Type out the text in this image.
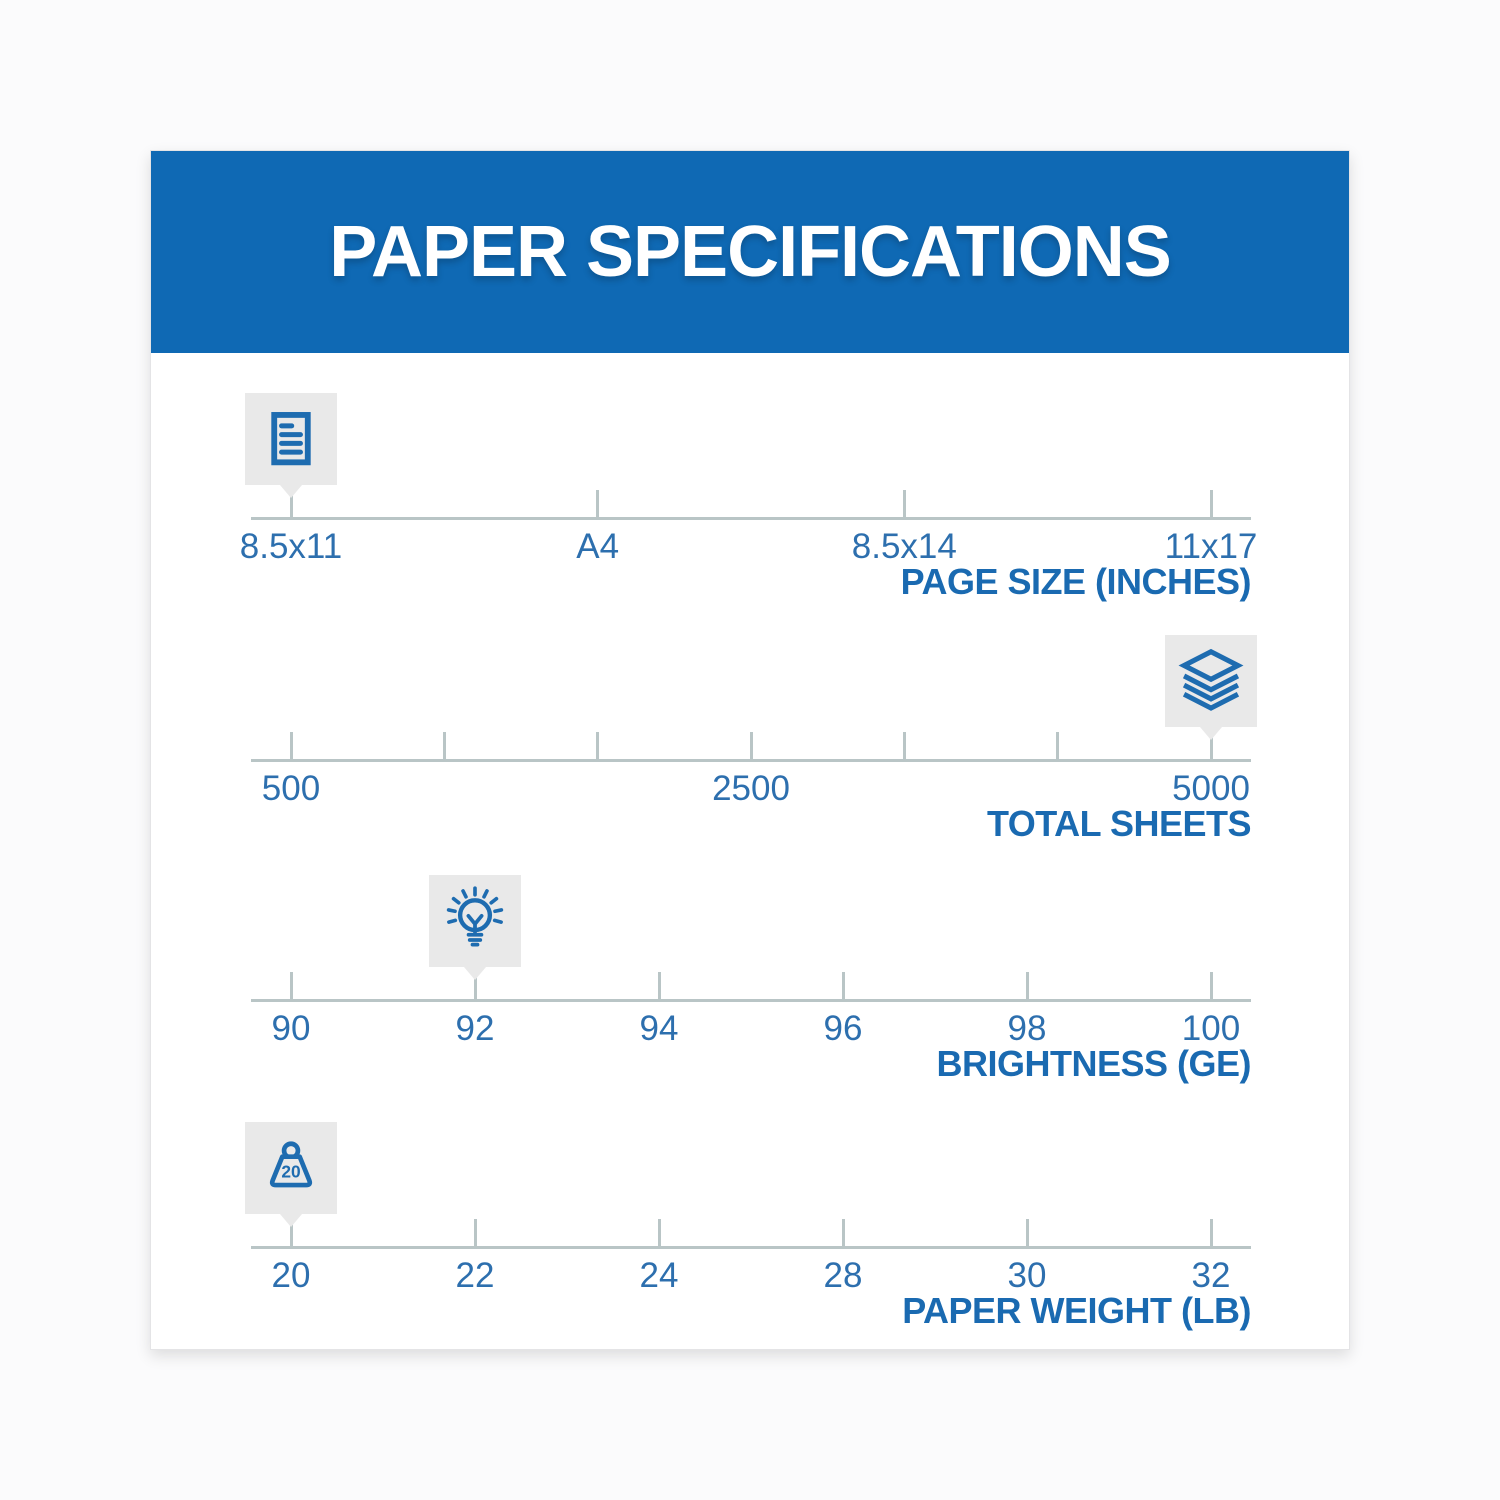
PAPER SPECIFICATIONS
PAGE SIZE (INCHES)
8.5x11	A4	8.5x14	11x17
TOTAL SHEETS
500	2500	5000
BRIGHTNESS (GE)
90	92	94	96	98	100
PAPER WEIGHT (LB)
20
20	22	24	28	30	32
